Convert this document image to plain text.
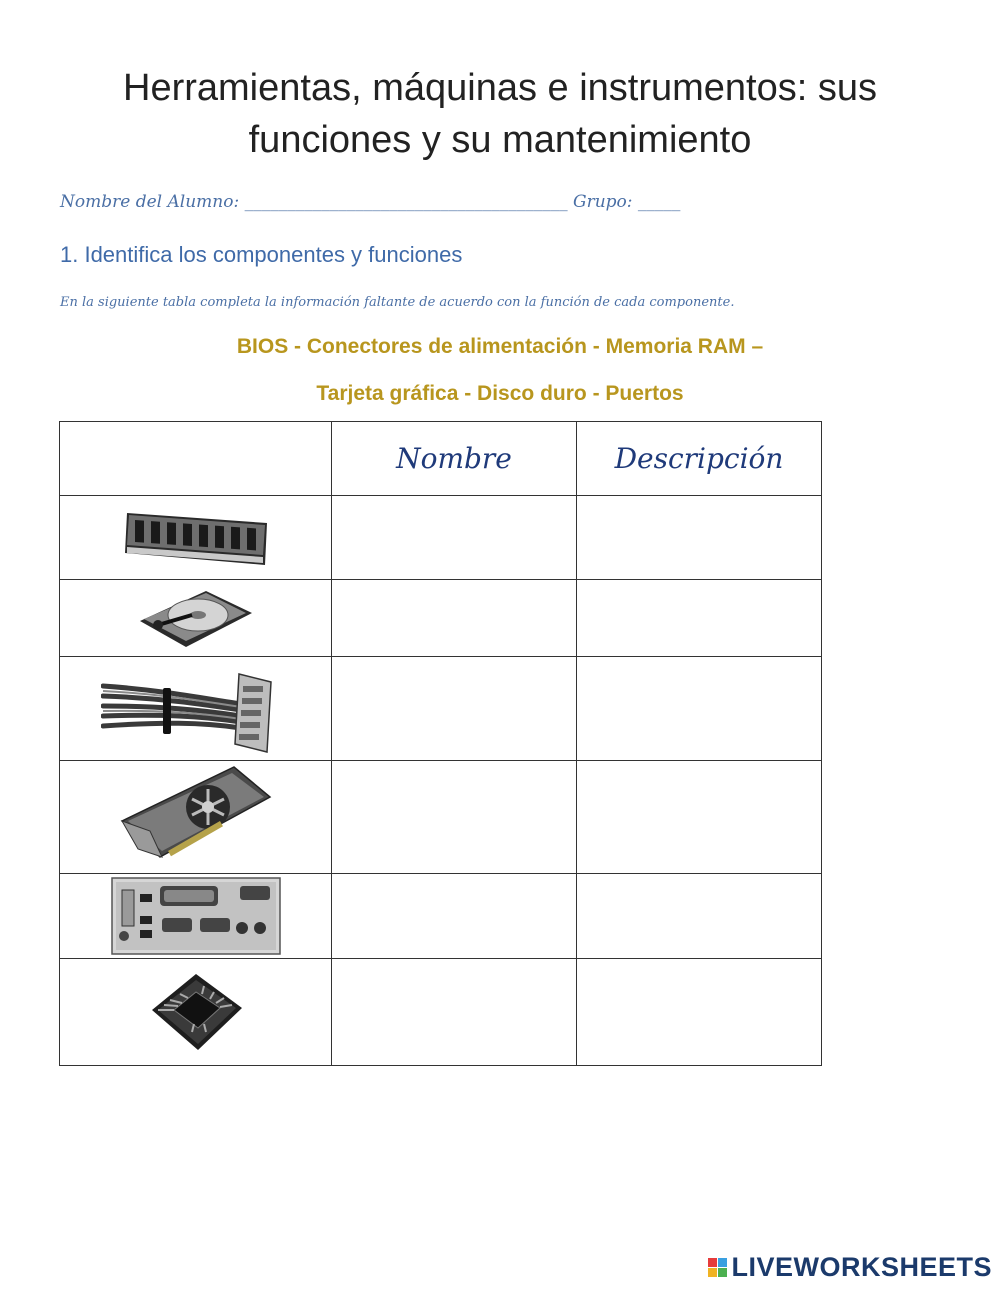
Herramientas, máquinas e instrumentos: sus
funciones y su mantenimiento
Nombre del Alumno: ______________________________________ Grupo: _____
1. Identifica los componentes y funciones
En la siguiente tabla completa la información faltante de acuerdo con la función de cada componente.
BIOS - Conectores de alimentación - Memoria RAM –
Tarjeta gráfica - Disco duro - Puertos
	Nombre	Descripción

LIVEWORKSHEETS
